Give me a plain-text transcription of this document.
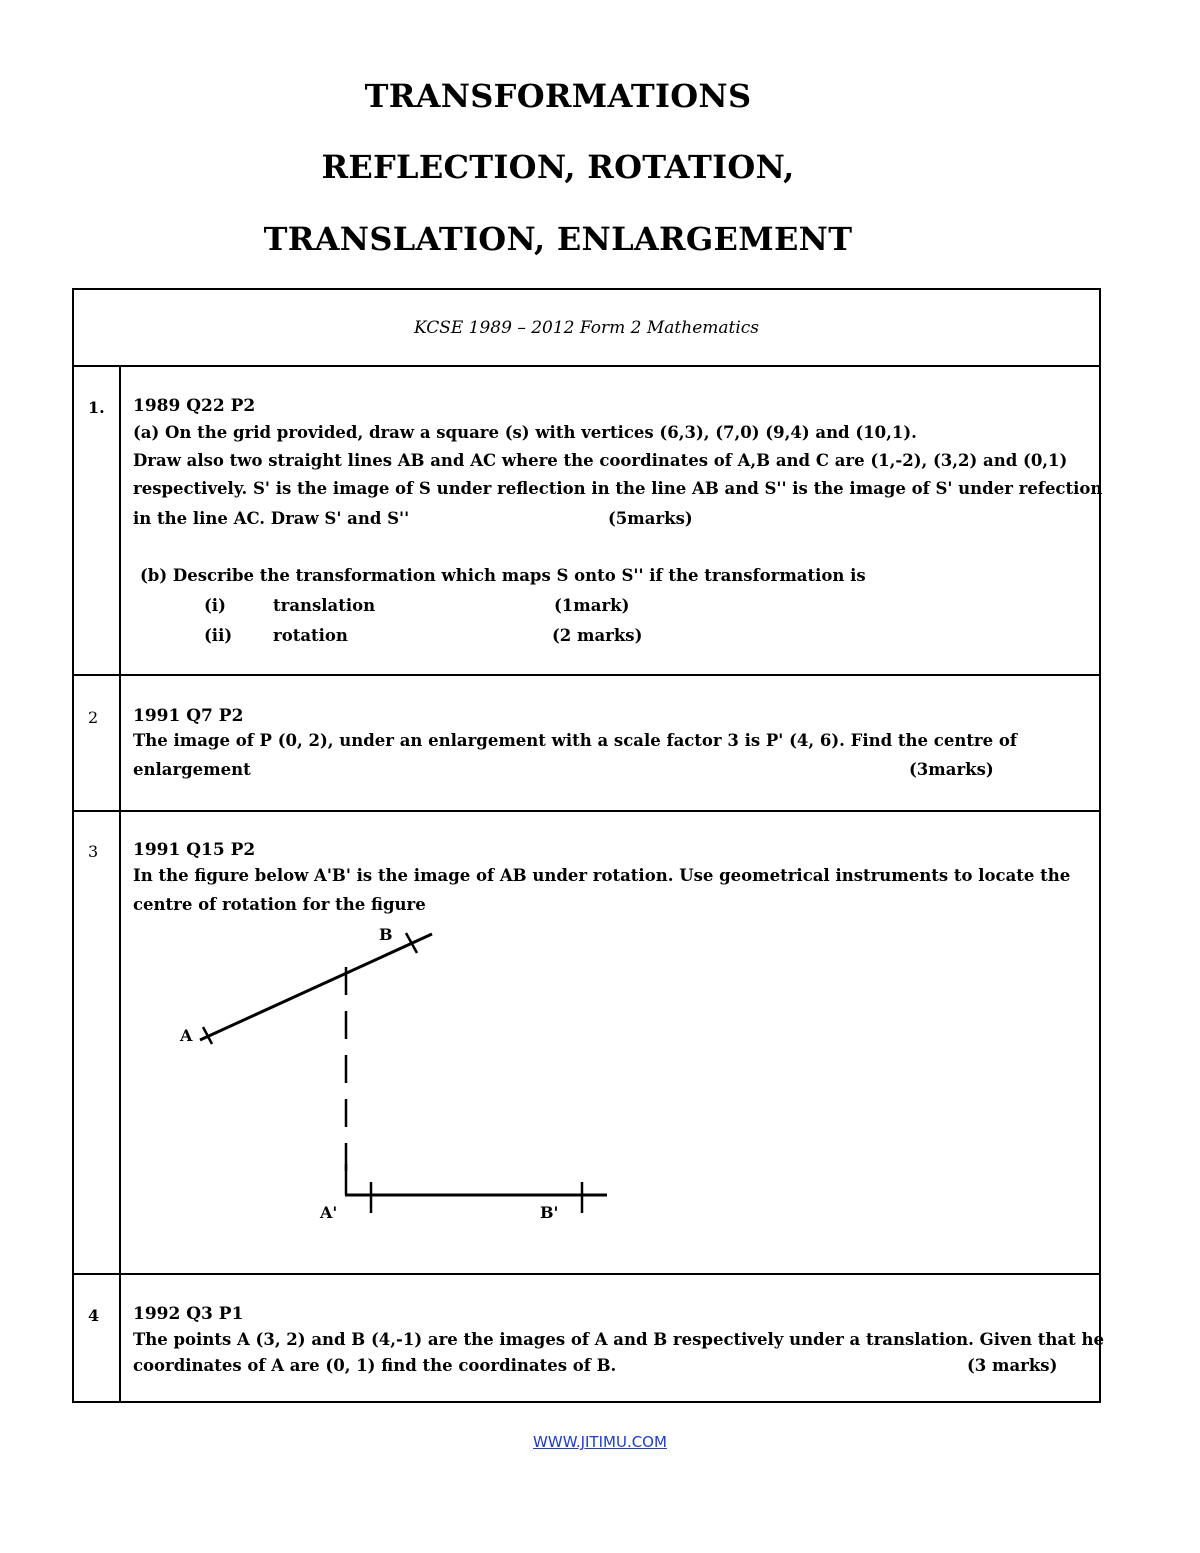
TRANSFORMATIONS
REFLECTION, ROTATION,
TRANSLATION, ENLARGEMENT
KCSE 1989 – 2012 Form 2 Mathematics
1. 1989 Q22 P2
(a) On the grid provided, draw a square (s) with vertices (6,3), (7,0) (9,4) and (10,1).
Draw also two straight lines AB and AC where the coordinates of A,B and C are (1,-2), (3,2) and (0,1)
respectively. S' is the image of S under reflection in the line AB and S'' is the image of S' under refection
in the line AC. Draw S' and S''	(5marks)
(b) Describe the transformation which maps S onto S'' if the transformation is
(i)	translation	(1mark)
(ii) rotation	(2 marks)
2 1991 Q7 P2
The image of P (0, 2), under an enlargement with a scale factor 3 is P' (4, 6). Find the centre of
enlargement	(3marks)
3 1991 Q15 P2
In the figure below A'B' is the image of AB under rotation. Use geometrical instruments to locate the
centre of rotation for the figure
4 1992 Q3 P1
The points A (3, 2) and B (4,-1) are the images of A and B respectively under a translation. Given that he
coordinates of A are (0, 1) find the coordinates of B.	(3 marks)
A
B
A'	B'
WWW.JITIMU.COM
